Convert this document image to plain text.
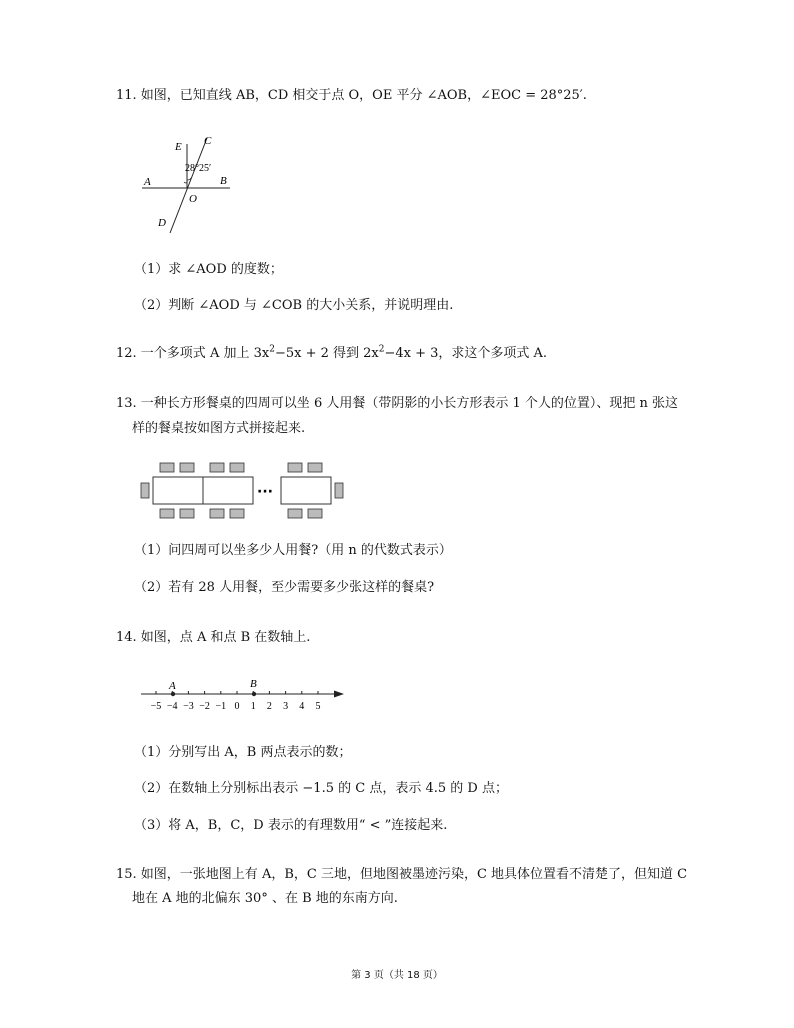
11. 如图，已知直线 AB，CD 相交于点 O，OE 平分 ∠AOB，∠EOC = 28°25′.
E C
28°25′
A	B
O
D
（1）求 ∠AOD 的度数；
（2）判断 ∠AOD 与 ∠COB 的大小关系，并说明理由.
12. 一个多项式 A 加上 $3x^2-5x + 2$ 得到 $2x^2-4x + 3$，求这个多项式 A.
13. 一种长方形餐桌的四周可以坐 6 人用餐（带阴影的小长方形表示 1 个人的位置）、现把 n 张这
样的餐桌按如图方式拼接起来.
···
（1）问四周可以坐多少人用餐?（用 n 的代数式表示）
（2）若有 28 人用餐，至少需要多少张这样的餐桌?
14. 如图，点 A 和点 B 在数轴上.
A	B
−5 −4 −3 −2 −1 0 1 2 3 4 5
（1）分别写出 A，B 两点表示的数；
（2）在数轴上分别标出表示 −1.5 的 C 点，表示 4.5 的 D 点；
（3）将 A，B，C，D 表示的有理数用“ < ”连接起来.
15. 如图，一张地图上有 A，B，C 三地，但地图被墨迹污染，C 地具体位置看不清楚了，但知道 C
地在 A 地的北偏东 30° 、在 B 地的东南方向.
第 3 页（共 18 页）
